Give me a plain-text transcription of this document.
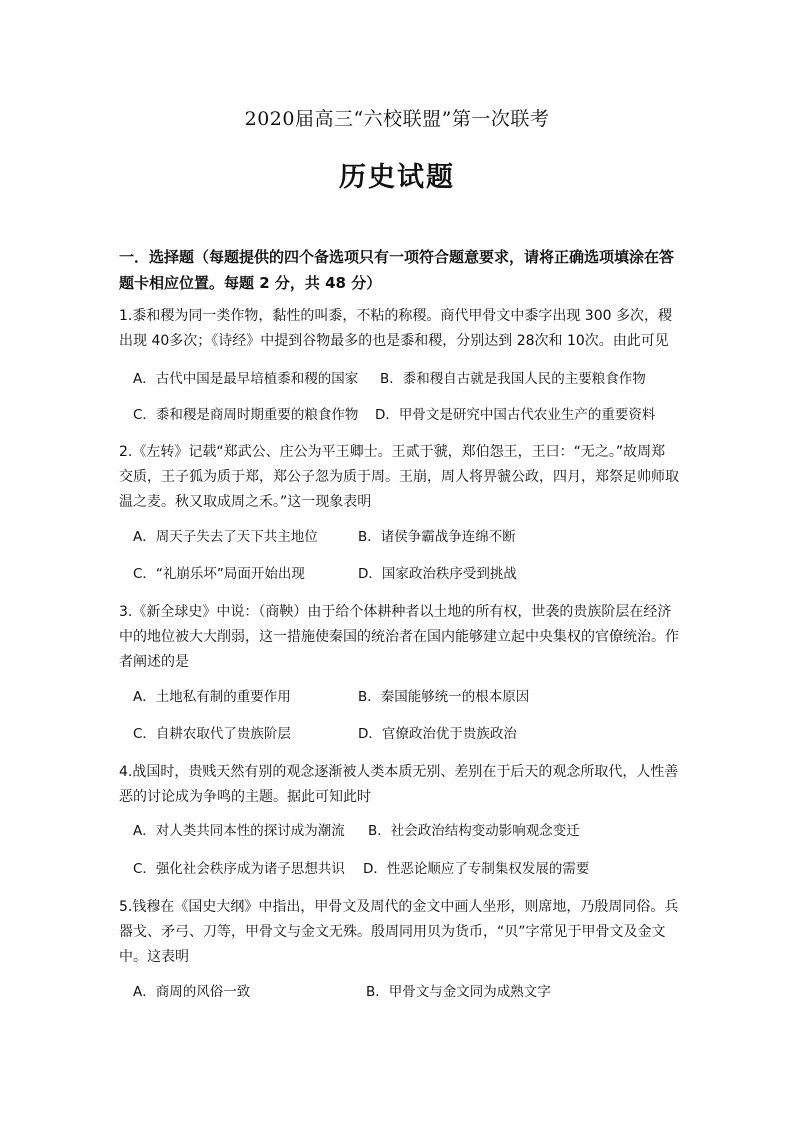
2020届高三“六校联盟”第一次联考
历史试题
一．选择题（每题提供的四个备选项只有一项符合题意要求，请将正确选项填涂在答题卡相应位置。每题 2 分，共 48 分）
1.黍和稷为同一类作物，黏性的叫黍，不粘的称稷。商代甲骨文中黍字出现 300 多次，稷出现 40多次；《诗经》中提到谷物最多的也是黍和稷，分别达到 28次和 10次。由此可见
A．古代中国是最早培植黍和稷的国家 B．黍和稷自古就是我国人民的主要粮食作物
C．黍和稷是商周时期重要的粮食作物 D．甲骨文是研究中国古代农业生产的重要资料
2.《左转》记载“郑武公、庄公为平王卿士。王贰于虢，郑伯怨王，王曰：“无之。”故周郑交质，王子狐为质于郑，郑公子忽为质于周。王崩，周人将畀虢公政，四月，郑祭足帅师取温之麦。秋又取成周之禾。”这一现象表明
A．周天子失去了天下共主地位	B．诸侯争霸战争连绵不断
C．“礼崩乐坏”局面开始出现	D．国家政治秩序受到挑战
3.《新全球史》中说：（商鞅）由于给个体耕种者以土地的所有权，世袭的贵族阶层在经济中的地位被大大削弱，这一措施使秦国的统治者在国内能够建立起中央集权的官僚统治。作者阐述的是
A．土地私有制的重要作用	B．秦国能够统一的根本原因
C．自耕农取代了贵族阶层	D．官僚政治优于贵族政治
4.战国时，贵贱天然有别的观念逐渐被人类本质无别、差别在于后天的观念所取代，人性善恶的讨论成为争鸣的主题。据此可知此时
A．对人类共同本性的探讨成为潮流 B．社会政治结构变动影响观念变迁
C．强化社会秩序成为诸子思想共识 D．性恶论顺应了专制集权发展的需要
5.钱穆在《国史大纲》中指出，甲骨文及周代的金文中画人坐形，则席地，乃殷周同俗。兵器戈、矛弓、刀等，甲骨文与金文无殊。殷周同用贝为货币，“贝”字常见于甲骨文及金文中。这表明
A．商周的风俗一致	B．甲骨文与金文同为成熟文字
